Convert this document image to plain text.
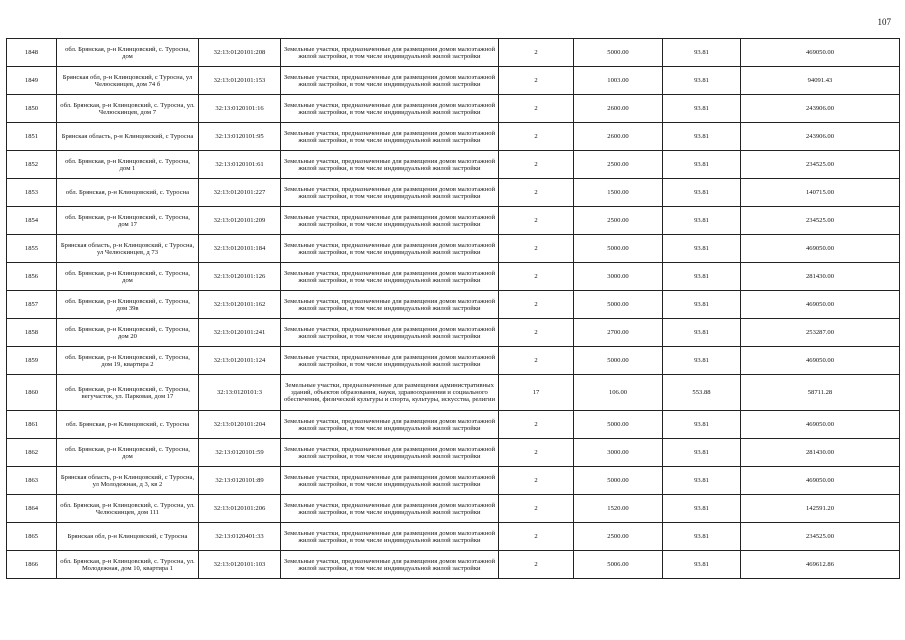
107
1848	обл. Брянская, р-н Клинцовский, с. Туросна, дом	32:13:0120101:208	Земельные участки, предназначенные для размещения домов малоэтажной жилой застройки, в том числе индивидуальной жилой застройки	2	5000.00	93.81	469050.00
1849	Брянская обл, р-н Клинцовский, с Туросна, ул Челюскинцев, дом 74 б	32:13:0120101:153	Земельные участки, предназначенные для размещения домов малоэтажной жилой застройки, в том числе индивидуальной жилой застройки	2	1003.00	93.81	94091.43
1850	обл. Брянская, р-н Клинцовский, с. Туросна, ул. Челюскинцев, дом 7	32:13:0120101:16	Земельные участки, предназначенные для размещения домов малоэтажной жилой застройки, в том числе индивидуальной жилой застройки	2	2600.00	93.81	243906.00
1851	Брянская область, р-н Клинцовский, с Туросна	32:13:0120101:95	Земельные участки, предназначенные для размещения домов малоэтажной жилой застройки, в том числе индивидуальной жилой застройки	2	2600.00	93.81	243906.00
1852	обл. Брянская, р-н Клинцовский, с. Туросна, дом 1	32:13:0120101:61	Земельные участки, предназначенные для размещения домов малоэтажной жилой застройки, в том числе индивидуальной жилой застройки	2	2500.00	93.81	234525.00
1853	обл. Брянская, р-н Клинцовский, с. Туросна	32:13:0120101:227	Земельные участки, предназначенные для размещения домов малоэтажной жилой застройки, в том числе индивидуальной жилой застройки	2	1500.00	93.81	140715.00
1854	обл. Брянская, р-н Клинцовский, с. Туросна, дом 17	32:13:0120101:209	Земельные участки, предназначенные для размещения домов малоэтажной жилой застройки, в том числе индивидуальной жилой застройки	2	2500.00	93.81	234525.00
1855	Брянская область, р-н Клинцовский, с Туросна, ул Челюскинцев, д 73	32:13:0120101:184	Земельные участки, предназначенные для размещения домов малоэтажной жилой застройки, в том числе индивидуальной жилой застройки	2	5000.00	93.81	469050.00
1856	обл. Брянская, р-н Клинцовский, с. Туросна, дом	32:13:0120101:126	Земельные участки, предназначенные для размещения домов малоэтажной жилой застройки, в том числе индивидуальной жилой застройки	2	3000.00	93.81	281430.00
1857	обл. Брянская, р-н Клинцовский, с. Туросна, дом 39в	32:13:0120101:162	Земельные участки, предназначенные для размещения домов малоэтажной жилой застройки, в том числе индивидуальной жилой застройки	2	5000.00	93.81	469050.00
1858	обл. Брянская, р-н Клинцовский, с. Туросна, дом 20	32:13:0120101:241	Земельные участки, предназначенные для размещения домов малоэтажной жилой застройки, в том числе индивидуальной жилой застройки	2	2700.00	93.81	253287.00
1859	обл. Брянская, р-н Клинцовский, с. Туросна, дом 19, квартира 2	32:13:0120101:124	Земельные участки, предназначенные для размещения домов малоэтажной жилой застройки, в том числе индивидуальной жилой застройки	2	5000.00	93.81	469050.00
1860	обл. Брянская, р-н Клинцовский, с. Туросна, вегучасток, ул. Парковая, дом 17	32:13:0120101:3	Земельные участки, предназначенные для размещения административных зданий, объектов образования, науки, здравоохранения и социального обеспечения, физической культуры и спорта, культуры, искусства, религии	17	106.00	553.88	58711.28
1861	обл. Брянская, р-н Клинцовский, с. Туросна	32:13:0120101:204	Земельные участки, предназначенные для размещения домов малоэтажной жилой застройки, в том числе индивидуальной жилой застройки	2	5000.00	93.81	469050.00
1862	обл. Брянская, р-н Клинцовский, с. Туросна, дом	32:13:0120101:59	Земельные участки, предназначенные для размещения домов малоэтажной жилой застройки, в том числе индивидуальной жилой застройки	2	3000.00	93.81	281430.00
1863	Брянская область, р-н Клинцовский, с Туросна, ул Молодежная, д 3, кв 2	32:13:0120101:89	Земельные участки, предназначенные для размещения домов малоэтажной жилой застройки, в том числе индивидуальной жилой застройки	2	5000.00	93.81	469050.00
1864	обл. Брянская, р-н Клинцовский, с. Туросна, ул. Челюскинцев, дом 111	32:13:0120101:206	Земельные участки, предназначенные для размещения домов малоэтажной жилой застройки, в том числе индивидуальной жилой застройки	2	1520.00	93.81	142591.20
1865	Брянская обл, р-н Клинцовский, с Туросна	32:13:0120401:33	Земельные участки, предназначенные для размещения домов малоэтажной жилой застройки, в том числе индивидуальной жилой застройки	2	2500.00	93.81	234525.00
1866	обл. Брянская, р-н Клинцовский, с. Туросна, ул. Молодежная, дом 10, квартира 1	32:13:0120101:103	Земельные участки, предназначенные для размещения домов малоэтажной жилой застройки, в том числе индивидуальной жилой застройки	2	5006.00	93.81	469612.86
